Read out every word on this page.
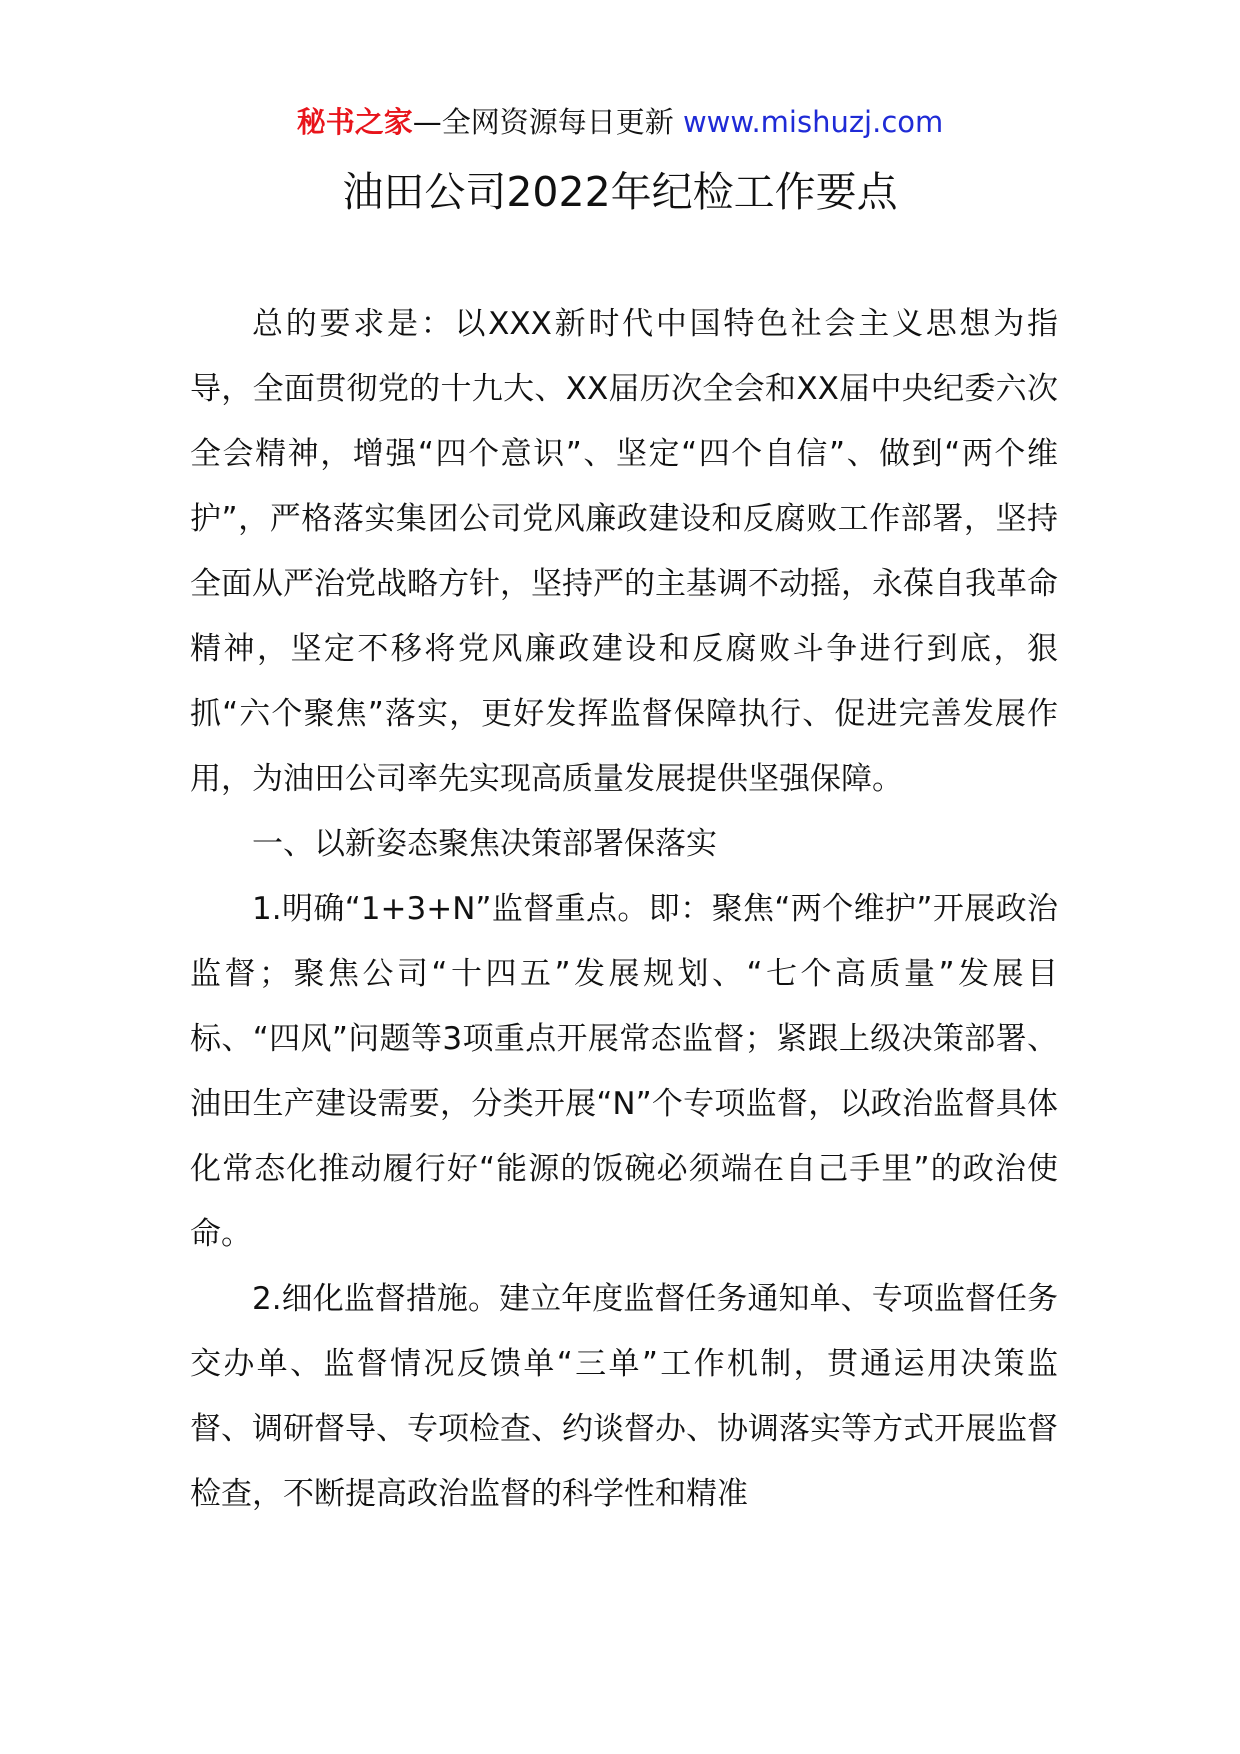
秘书之家—全网资源每日更新 www.mishuzj.com
油田公司2022年纪检工作要点

总的要求是：以XXX新时代中国特色社会主义思想为指导，全面贯彻党的十九大、XX届历次全会和XX届中央纪委六次全会精神，增强“四个意识”、坚定“四个自信”、做到“两个维护”，严格落实集团公司党风廉政建设和反腐败工作部署，坚持全面从严治党战略方针，坚持严的主基调不动摇，永葆自我革命精神，坚定不移将党风廉政建设和反腐败斗争进行到底，狠抓“六个聚焦”落实，更好发挥监督保障执行、促进完善发展作用，为油田公司率先实现高质量发展提供坚强保障。

一、以新姿态聚焦决策部署保落实

1.明确“1+3+N”监督重点。即：聚焦“两个维护”开展政治监督；聚焦公司“十四五”发展规划、“七个高质量”发展目标、“四风”问题等3项重点开展常态监督；紧跟上级决策部署、油田生产建设需要，分类开展“N”个专项监督，以政治监督具体化常态化推动履行好“能源的饭碗必须端在自己手里”的政治使命。

2.细化监督措施。建立年度监督任务通知单、专项监督任务交办单、监督情况反馈单“三单”工作机制，贯通运用决策监督、调研督导、专项检查、约谈督办、协调落实等方式开展监督检查，不断提高政治监督的科学性和精准
